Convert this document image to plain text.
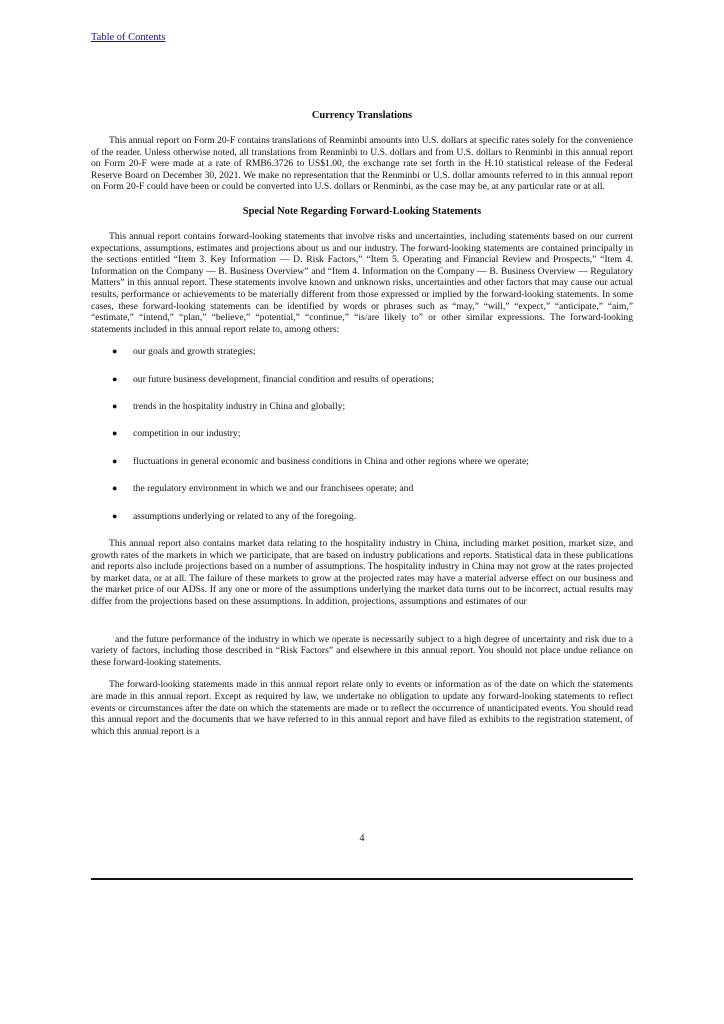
Table of Contents
Currency Translations

This annual report on Form 20-F contains translations of Renminbi amounts into U.S. dollars at specific rates solely for the convenience of the reader. Unless otherwise noted, all translations from Renminbi to U.S. dollars and from U.S. dollars to Renminbi in this annual report on Form 20-F were made at a rate of RMB6.3726 to US$1.00, the exchange rate set forth in the H.10 statistical release of the Federal Reserve Board on December 30, 2021. We make no representation that the Renminbi or U.S. dollar amounts referred to in this annual report on Form 20-F could have been or could be converted into U.S. dollars or Renminbi, as the case may be, at any particular rate or at all.

Special Note Regarding Forward-Looking Statements

This annual report contains forward-looking statements that involve risks and uncertainties, including statements based on our current expectations, assumptions, estimates and projections about us and our industry. The forward-looking statements are contained principally in the sections entitled “Item 3. Key Information — D. Risk Factors,” “Item 5. Operating and Financial Review and Prospects,” “Item 4. Information on the Company — B. Business Overview” and “Item 4. Information on the Company — B. Business Overview — Regulatory Matters” in this annual report. These statements involve known and unknown risks, uncertainties and other factors that may cause our actual results, performance or achievements to be materially different from those expressed or implied by the forward-looking statements. In some cases, these forward-looking statements can be identified by words or phrases such as “may,” “will,” “expect,” “anticipate,” “aim,” “estimate,” “intend,” “plan,” “believe,” “potential,” “continue,” “is/are likely to” or other similar expressions. The forward-looking statements included in this annual report relate to, among others:

● our goals and growth strategies;
● our future business development, financial condition and results of operations;
● trends in the hospitality industry in China and globally;
● competition in our industry;
● fluctuations in general economic and business conditions in China and other regions where we operate;
● the regulatory environment in which we and our franchisees operate; and
● assumptions underlying or related to any of the foregoing.

This annual report also contains market data relating to the hospitality industry in China, including market position, market size, and growth rates of the markets in which we participate, that are based on industry publications and reports. Statistical data in these publications and reports also include projections based on a number of assumptions. The hospitality industry in China may not grow at the rates projected by market data, or at all. The failure of these markets to grow at the projected rates may have a material adverse effect on our business and the market price of our ADSs. If any one or more of the assumptions underlying the market data turns out to be incorrect, actual results may differ from the projections based on these assumptions. In addition, projections, assumptions and estimates of our

and the future performance of the industry in which we operate is necessarily subject to a high degree of uncertainty and risk due to a variety of factors, including those described in “Risk Factors” and elsewhere in this annual report. You should not place undue reliance on these forward-looking statements.

The forward-looking statements made in this annual report relate only to events or information as of the date on which the statements are made in this annual report. Except as required by law, we undertake no obligation to update any forward-looking statements to reflect events or circumstances after the date on which the statements are made or to reflect the occurrence of unanticipated events. You should read this annual report and the documents that we have referred to in this annual report and have filed as exhibits to the registration statement, of which this annual report is a

4
